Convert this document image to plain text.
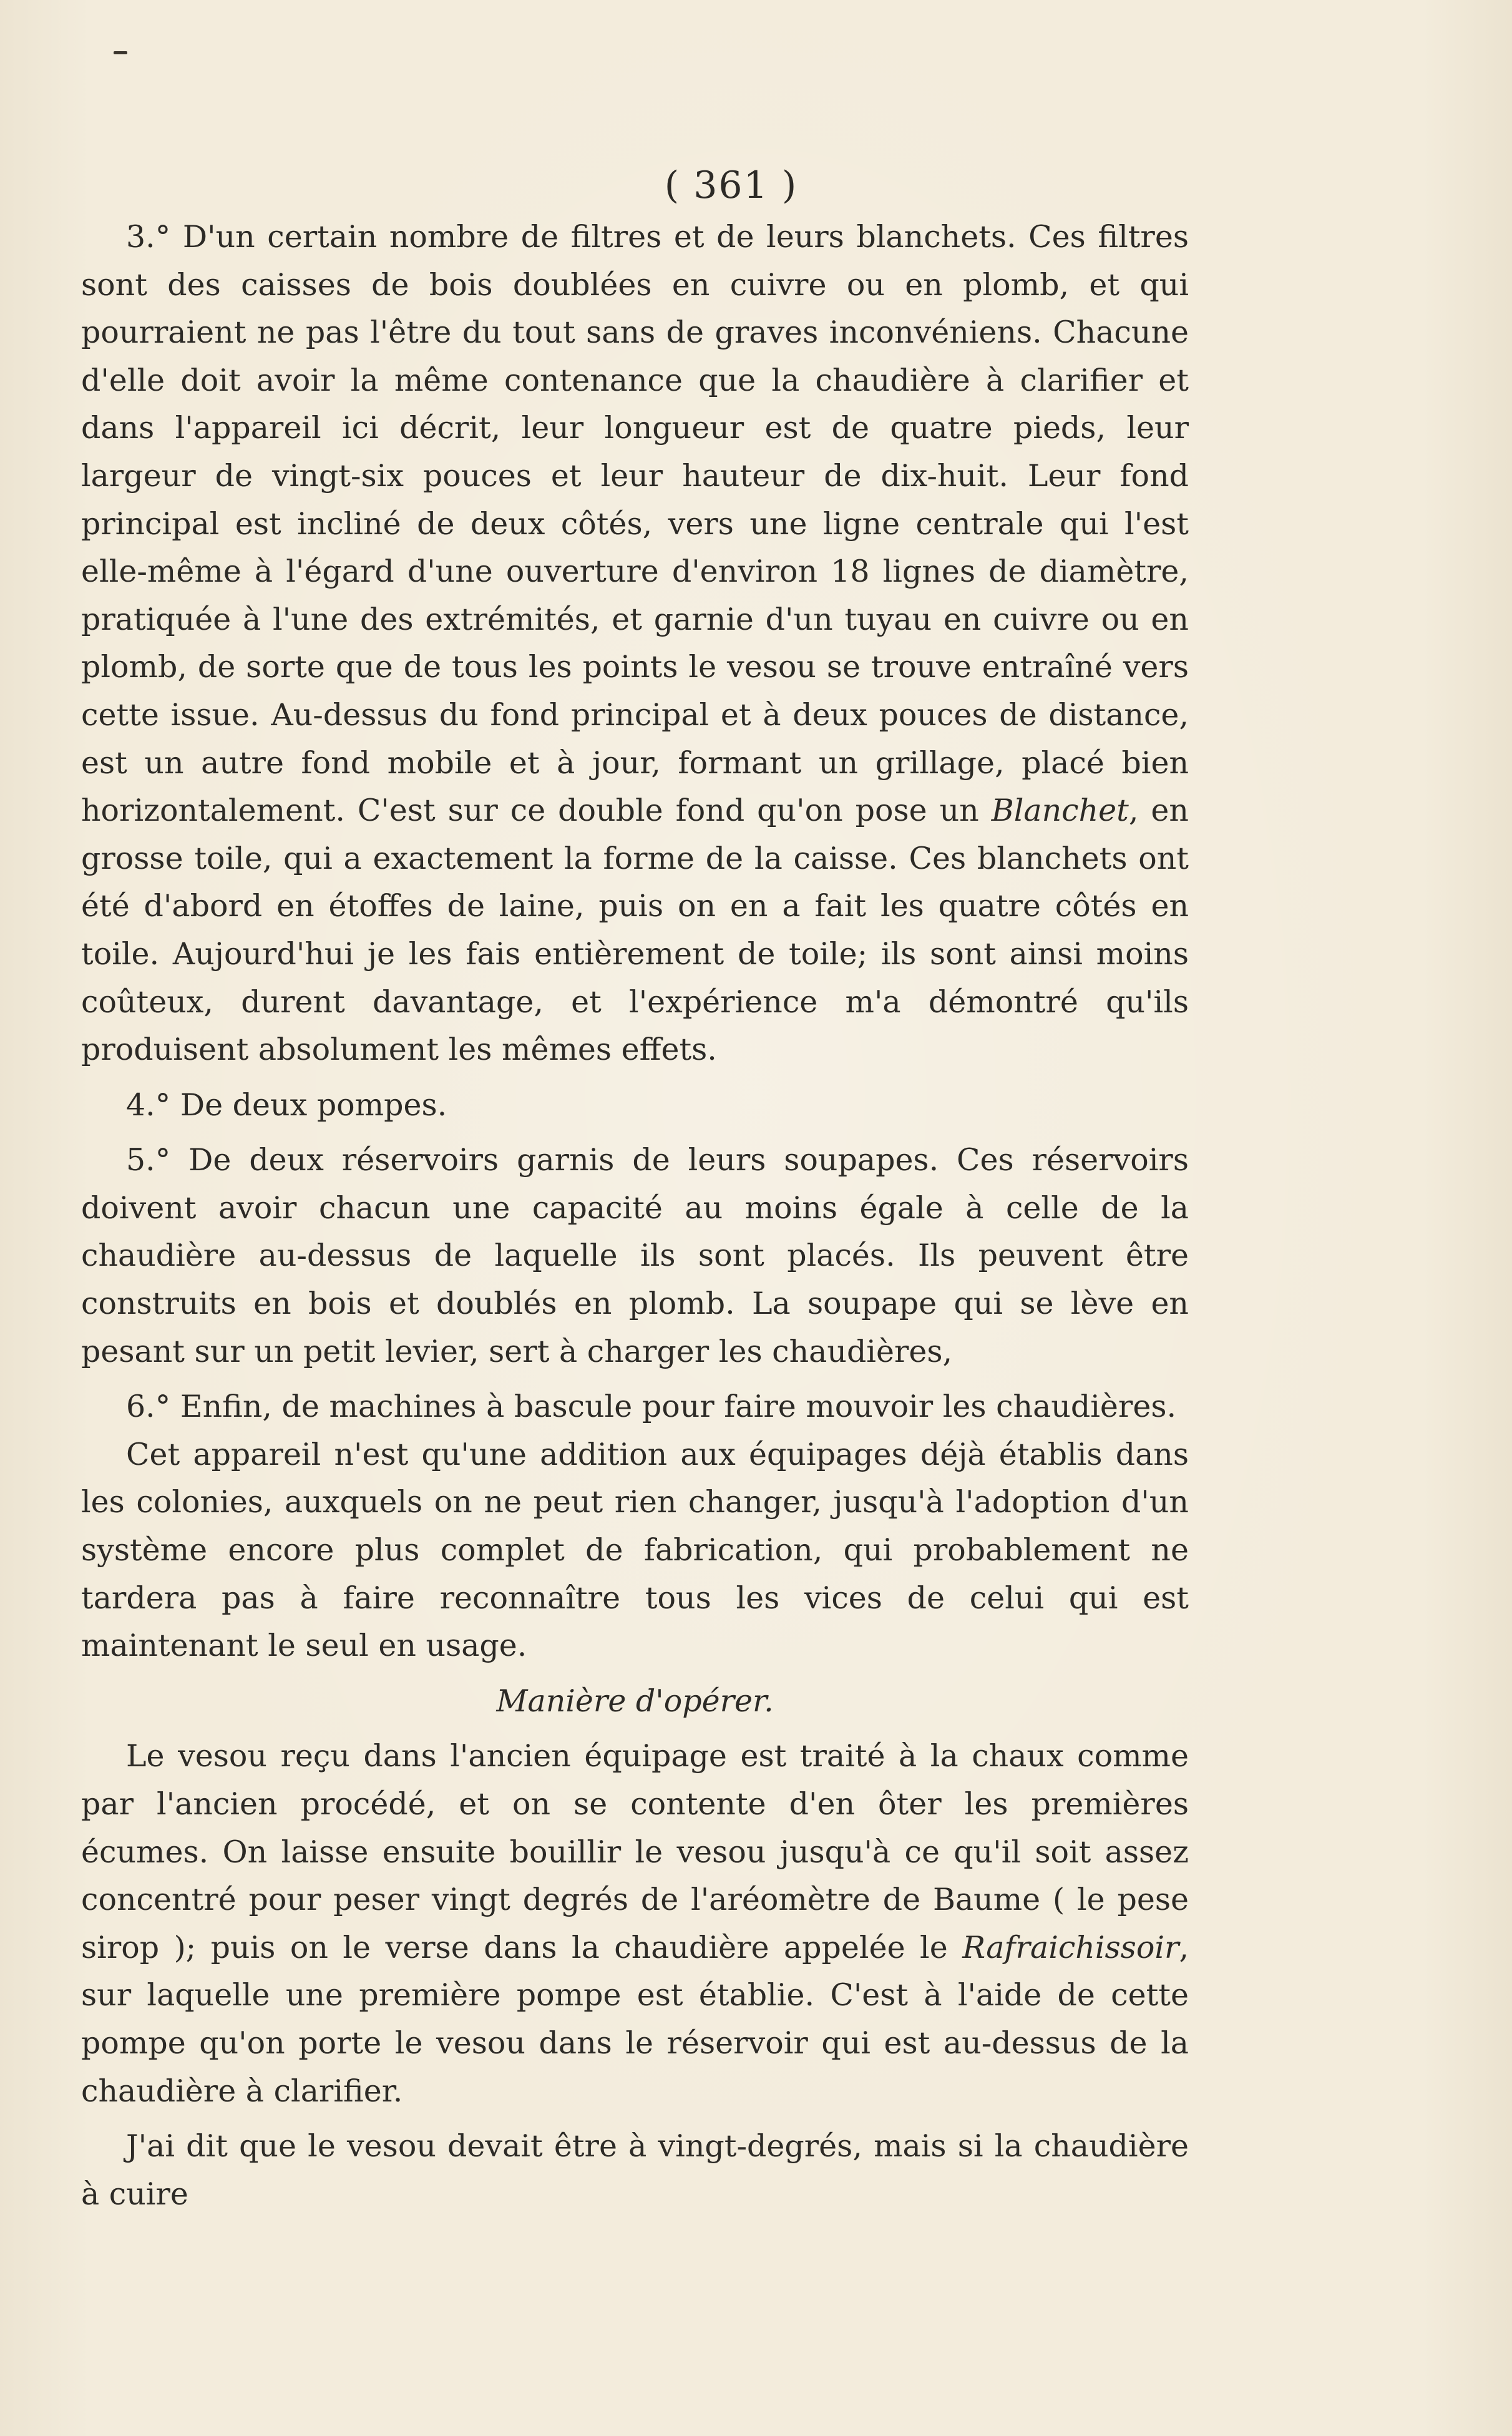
( 361 )

3.° D'un certain nombre de filtres et de leurs blanchets. Ces filtres sont des caisses de bois doublées en cuivre ou en plomb, et qui pourraient ne pas l'être du tout sans de graves inconvéniens. Chacune d'elle doit avoir la même contenance que la chaudière à clarifier et dans l'appareil ici décrit, leur longueur est de quatre pieds, leur largeur de vingt-six pouces et leur hauteur de dix-huit. Leur fond principal est incliné de deux côtés, vers une ligne centrale qui l'est elle-même à l'égard d'une ouverture d'environ 18 lignes de diamètre, pratiquée à l'une des extrémités, et garnie d'un tuyau en cuivre ou en plomb, de sorte que de tous les points le vesou se trouve entraîné vers cette issue. Au-dessus du fond principal et à deux pouces de distance, est un autre fond mobile et à jour, formant un grillage, placé bien horizontalement. C'est sur ce double fond qu'on pose un Blanchet, en grosse toile, qui a exactement la forme de la caisse. Ces blanchets ont été d'abord en étoffes de laine, puis on en a fait les quatre côtés en toile. Aujourd'hui je les fais entièrement de toile; ils sont ainsi moins coûteux, durent davantage, et l'expérience m'a démontré qu'ils produisent absolument les mêmes effets.

4.° De deux pompes.

5.° De deux réservoirs garnis de leurs soupapes. Ces réservoirs doivent avoir chacun une capacité au moins égale à celle de la chaudière au-dessus de laquelle ils sont placés. Ils peuvent être construits en bois et doublés en plomb. La soupape qui se lève en pesant sur un petit levier, sert à charger les chaudières,

6.° Enfin, de machines à bascule pour faire mouvoir les chaudières.

Cet appareil n'est qu'une addition aux équipages déjà établis dans les colonies, auxquels on ne peut rien changer, jusqu'à l'adoption d'un système encore plus complet de fabrication, qui probablement ne tardera pas à faire reconnaître tous les vices de celui qui est maintenant le seul en usage.

Manière d'opérer.

Le vesou reçu dans l'ancien équipage est traité à la chaux comme par l'ancien procédé, et on se contente d'en ôter les premières écumes. On laisse ensuite bouillir le vesou jusqu'à ce qu'il soit assez concentré pour peser vingt degrés de l'aréomètre de Baume ( le pese sirop ); puis on le verse dans la chaudière appelée le Rafraichissoir, sur laquelle une première pompe est établie. C'est à l'aide de cette pompe qu'on porte le vesou dans le réservoir qui est au-dessus de la chaudière à clarifier.

J'ai dit que le vesou devait être à vingt-degrés, mais si la chaudière à cuire
